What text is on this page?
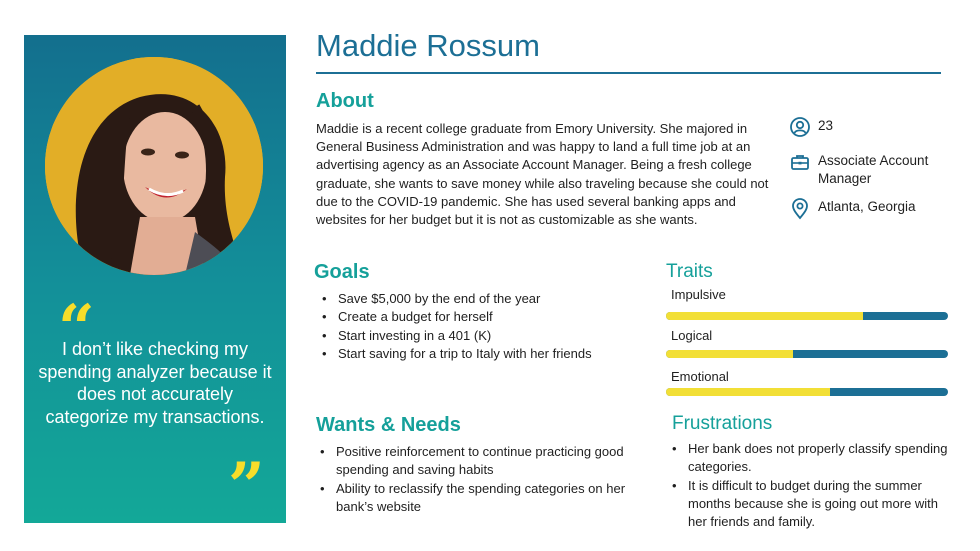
“
I don’t like checking my spending analyzer because it does not accurately categorize my transactions.
”
Maddie Rossum
About
Maddie is a recent college graduate from Emory University. She majored in General Business Administration and was happy to land a full time job at an advertising agency as an Associate Account Manager. Being a fresh college graduate, she wants to save money while also traveling because she could not due to the COVID-19 pandemic. She has used several banking apps and websites for her budget but it is not as customizable as she wants.
23
Associate Account Manager
Atlanta, Georgia
Goals
• Save $5,000 by the end of the year
• Create a budget for herself
• Start investing in a 401 (K)
• Start saving for a trip to Italy with her friends
Traits
Impulsive
Logical
Emotional
Wants & Needs
• Positive reinforcement to continue practicing good spending and saving habits
• Ability to reclassify the spending categories on her bank’s website
Frustrations
• Her bank does not properly classify spending categories.
• It is difficult to budget during the summer months because she is going out more with her friends and family.
